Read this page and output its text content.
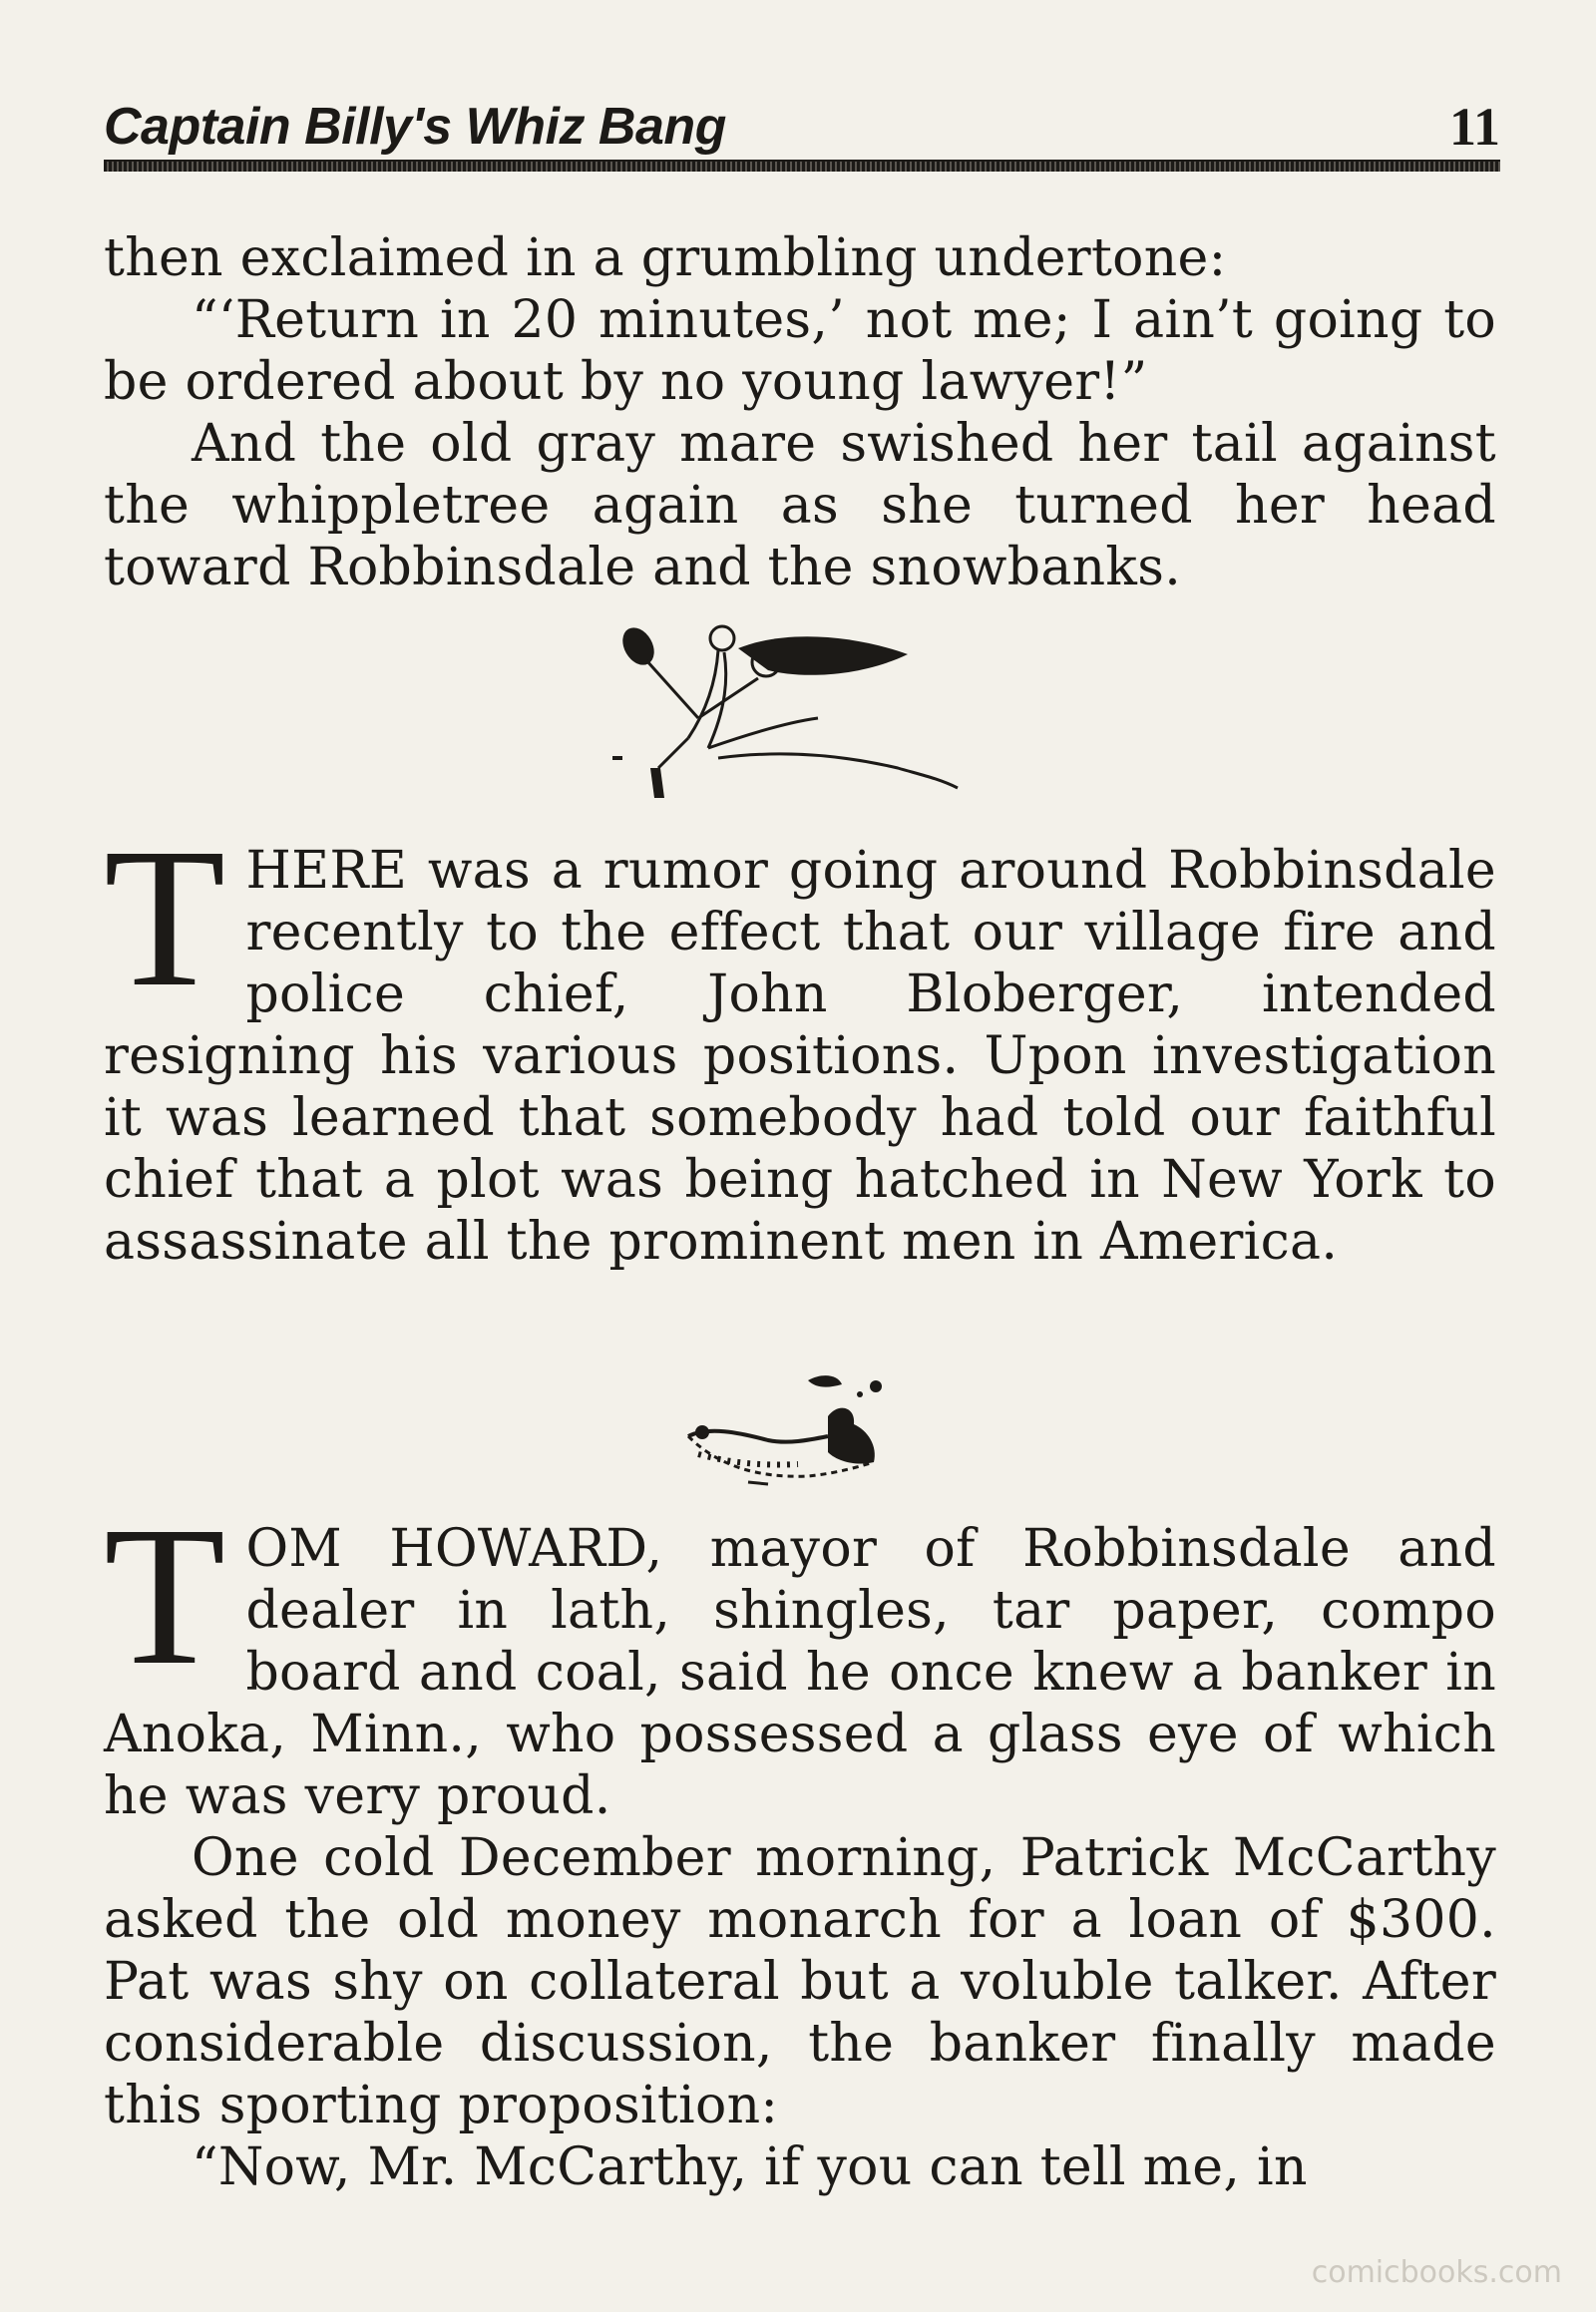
Captain Billy's Whiz Bang	11

then exclaimed in a grumbling undertone:

“‘Return in 20 minutes,’ not me; I ain’t going to be ordered about by no young lawyer!”

And the old gray mare swished her tail against the whippletree again as she turned her head toward Robbinsdale and the snowbanks.

THERE was a rumor going around Robbinsdale recently to the effect that our village fire and police chief, John Bloberger, intended resigning his various positions. Upon investigation it was learned that somebody had told our faithful chief that a plot was being hatched in New York to assassinate all the prominent men in America.

TOM HOWARD, mayor of Robbinsdale and dealer in lath, shingles, tar paper, compo board and coal, said he once knew a banker in Anoka, Minn., who possessed a glass eye of which he was very proud.

One cold December morning, Patrick McCarthy asked the old money monarch for a loan of $300. Pat was shy on collateral but a voluble talker. After considerable discussion, the banker finally made this sporting proposition:

“Now, Mr. McCarthy, if you can tell me, in

comicbooks.com
